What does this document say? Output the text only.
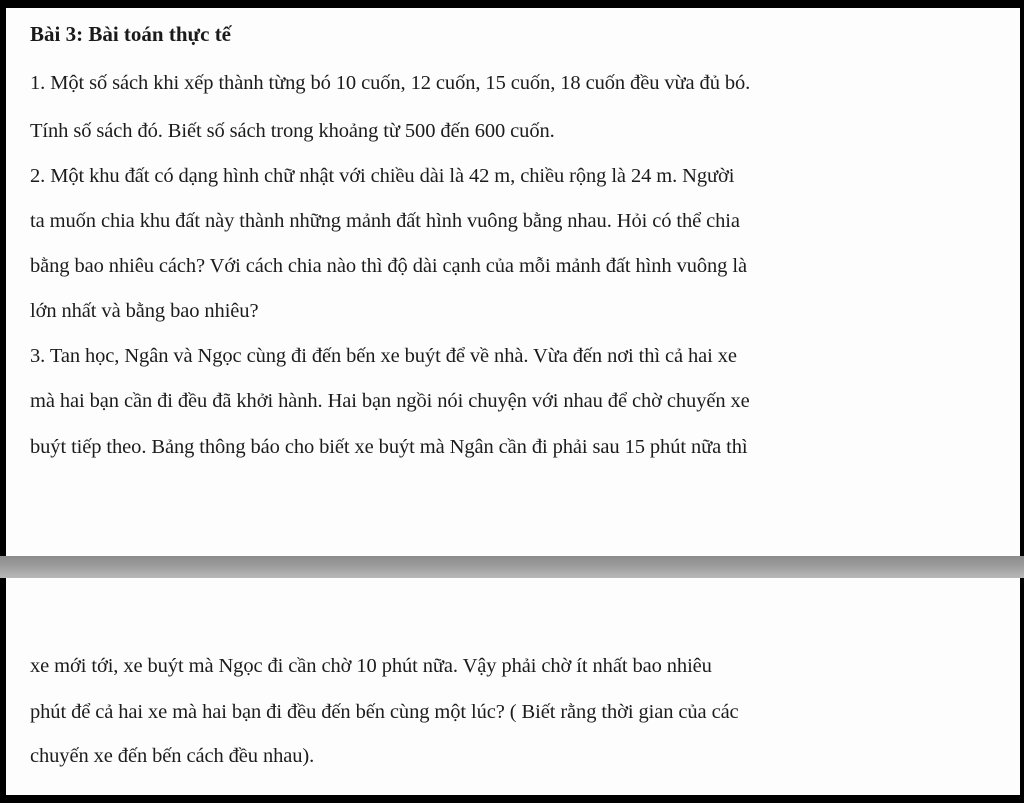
Bài 3: Bài toán thực tế

1. Một số sách khi xếp thành từng bó 10 cuốn, 12 cuốn, 15 cuốn, 18 cuốn đều vừa đủ bó.

Tính số sách đó. Biết số sách trong khoảng từ 500 đến 600 cuốn.

2. Một khu đất có dạng hình chữ nhật với chiều dài là 42 m, chiều rộng là 24 m. Người

ta muốn chia khu đất này thành những mảnh đất hình vuông bằng nhau. Hỏi có thể chia

bằng bao nhiêu cách? Với cách chia nào thì độ dài cạnh của mỗi mảnh đất hình vuông là

lớn nhất và bằng bao nhiêu?

3. Tan học, Ngân và Ngọc cùng đi đến bến xe buýt để về nhà. Vừa đến nơi thì cả hai xe

mà hai bạn cần đi đều đã khởi hành. Hai bạn ngồi nói chuyện với nhau để chờ chuyến xe

buýt tiếp theo. Bảng thông báo cho biết xe buýt mà Ngân cần đi phải sau 15 phút nữa thì

xe mới tới, xe buýt mà Ngọc đi cần chờ 10 phút nữa. Vậy phải chờ ít nhất bao nhiêu

phút để cả hai xe mà hai bạn đi đều đến bến cùng một lúc? ( Biết rằng thời gian của các

chuyến xe đến bến cách đều nhau).
